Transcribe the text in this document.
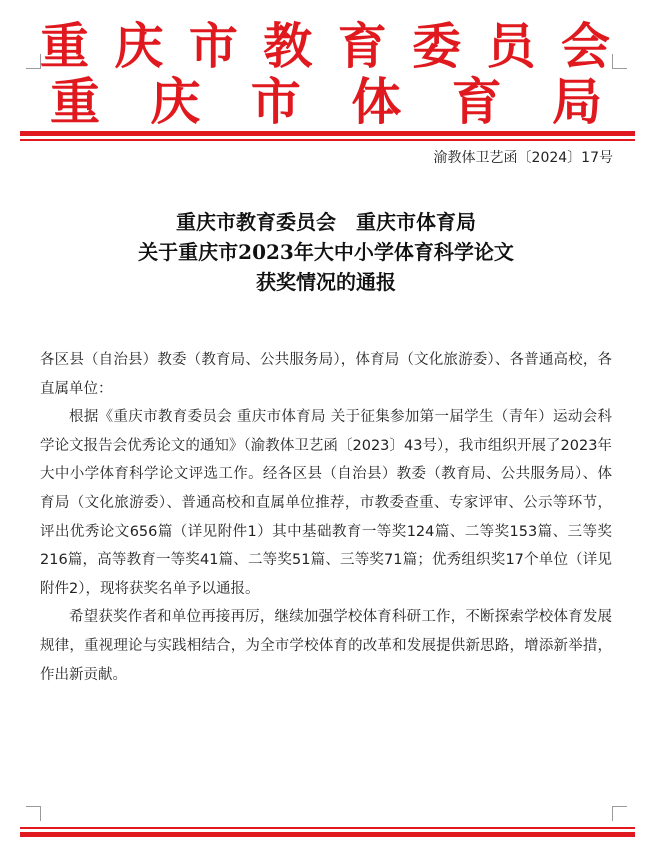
重庆市教育委员会
重庆市体育局
渝教体卫艺函〔2024〕17号
重庆市教育委员会　重庆市体育局
关于重庆市2023年大中小学体育科学论文
获奖情况的通报

各区县（自治县）教委（教育局、公共服务局），体育局（文化旅游委）、各普通高校，各直属单位：

根据《重庆市教育委员会 重庆市体育局 关于征集参加第一届学生（青年）运动会科学论文报告会优秀论文的通知》（渝教体卫艺函〔2023〕43号），我市组织开展了2023年大中小学体育科学论文评选工作。经各区县（自治县）教委（教育局、公共服务局）、体育局（文化旅游委）、普通高校和直属单位推荐，市教委查重、专家评审、公示等环节，评出优秀论文656篇（详见附件1）其中基础教育一等奖124篇、二等奖153篇、三等奖216篇，高等教育一等奖41篇、二等奖51篇、三等奖71篇；优秀组织奖17个单位（详见附件2），现将获奖名单予以通报。

希望获奖作者和单位再接再厉，继续加强学校体育科研工作，不断探索学校体育发展规律，重视理论与实践相结合，为全市学校体育的改革和发展提供新思路，增添新举措，作出新贡献。
